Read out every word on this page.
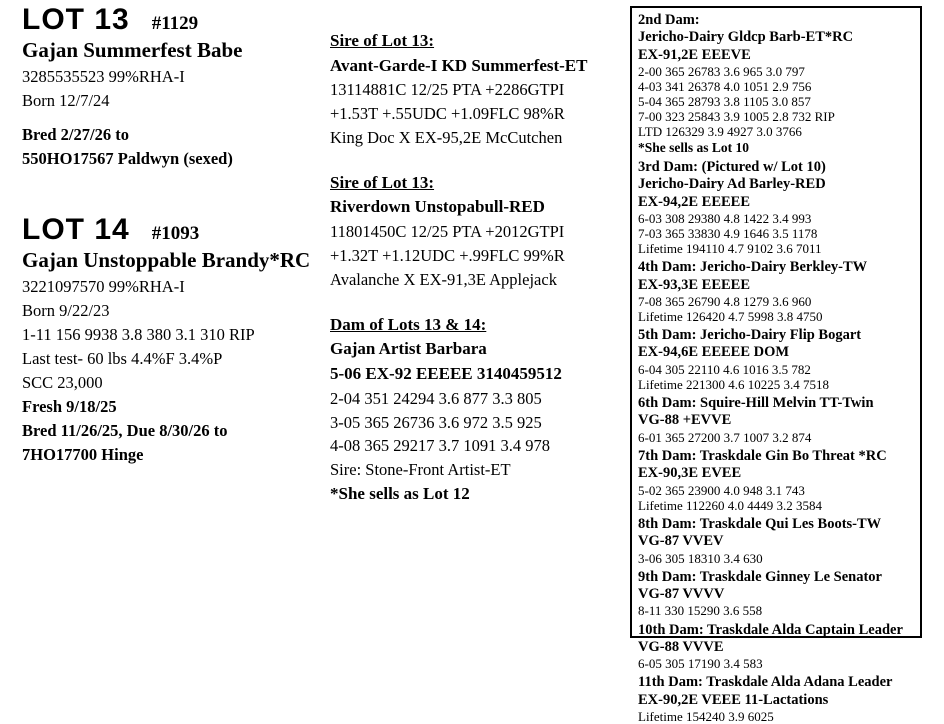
LOT 13 #1129
Gajan Summerfest Babe
3285535523 99%RHA-I
Born 12/7/24
Bred 2/27/26 to
550HO17567 Paldwyn (sexed)
LOT 14 #1093
Gajan Unstoppable Brandy*RC
3221097570 99%RHA-I
Born 9/22/23
1-11 156 9938 3.8 380 3.1 310 RIP
Last test- 60 lbs 4.4%F 3.4%P
SCC 23,000
Fresh 9/18/25
Bred 11/26/25, Due 8/30/26 to
7HO17700 Hinge
Sire of Lot 13:
Avant-Garde-I KD Summerfest-ET
13114881C 12/25 PTA +2286GTPI
+1.53T +.55UDC +1.09FLC 98%R
King Doc X EX-95,2E McCutchen
Sire of Lot 13:
Riverdown Unstopabull-RED
11801450C 12/25 PTA +2012GTPI
+1.32T +1.12UDC +.99FLC 99%R
Avalanche X EX-91,3E Applejack
Dam of Lots 13 & 14:
Gajan Artist Barbara
5-06 EX-92 EEEEE 3140459512
2-04 351 24294 3.6 877 3.3 805
3-05 365 26736 3.6 972 3.5 925
4-08 365 29217 3.7 1091 3.4 978
Sire: Stone-Front Artist-ET
*She sells as Lot 12
2nd Dam:
Jericho-Dairy Gldcp Barb-ET*RC
EX-91,2E EEEVE
2-00 365 26783 3.6 965 3.0 797
4-03 341 26378 4.0 1051 2.9 756
5-04 365 28793 3.8 1105 3.0 857
7-00 323 25843 3.9 1005 2.8 732 RIP
LTD 126329 3.9 4927 3.0 3766
*She sells as Lot 10
3rd Dam: (Pictured w/ Lot 10)
Jericho-Dairy Ad Barley-RED
EX-94,2E EEEEE
6-03 308 29380 4.8 1422 3.4 993
7-03 365 33830 4.9 1646 3.5 1178
Lifetime 194110 4.7 9102 3.6 7011
4th Dam: Jericho-Dairy Berkley-TW
EX-93,3E EEEEE
7-08 365 26790 4.8 1279 3.6 960
Lifetime 126420 4.7 5998 3.8 4750
5th Dam: Jericho-Dairy Flip Bogart
EX-94,6E EEEEE DOM
6-04 305 22110 4.6 1016 3.5 782
Lifetime 221300 4.6 10225 3.4 7518
6th Dam: Squire-Hill Melvin TT-Twin
VG-88 +EVVE
6-01 365 27200 3.7 1007 3.2 874
7th Dam: Traskdale Gin Bo Threat *RC
EX-90,3E EVEE
5-02 365 23900 4.0 948 3.1 743
Lifetime 112260 4.0 4449 3.2 3584
8th Dam: Traskdale Qui Les Boots-TW
VG-87 VVEV
3-06 305 18310 3.4 630
9th Dam: Traskdale Ginney Le Senator
VG-87 VVVV
8-11 330 15290 3.6 558
10th Dam: Traskdale Alda Captain Leader
VG-88 VVVE
6-05 305 17190 3.4 583
11th Dam: Traskdale Alda Adana Leader
EX-90,2E VEEE 11-Lactations
Lifetime 154240 3.9 6025
